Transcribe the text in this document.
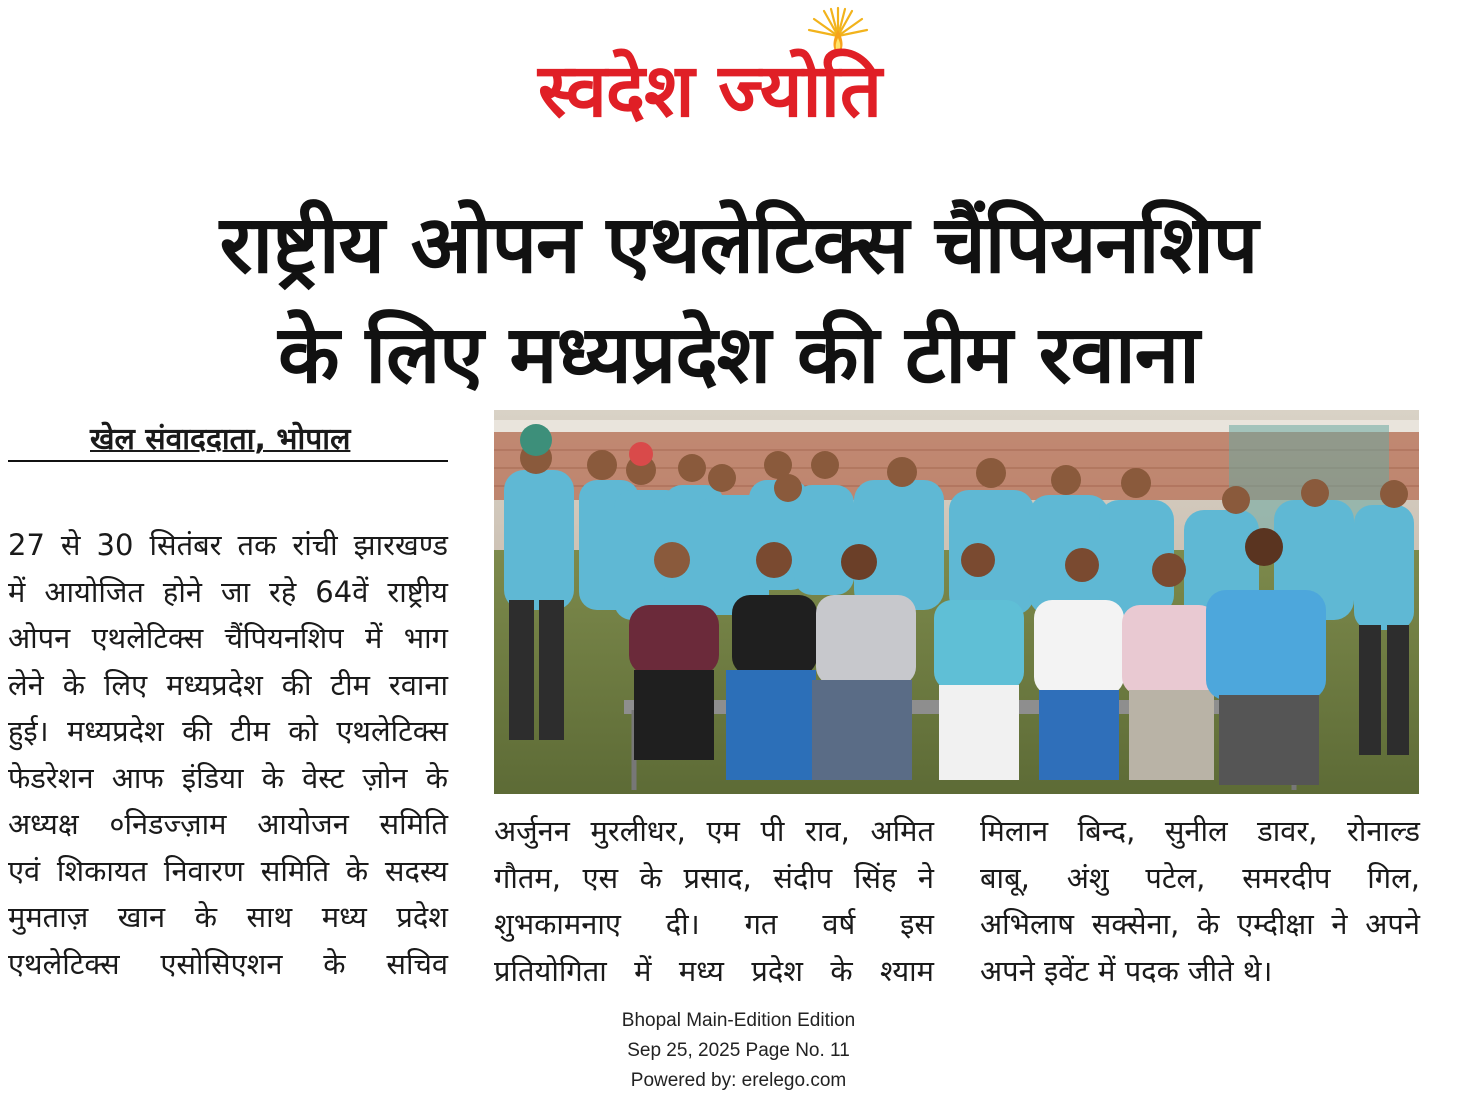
स्वदेश ज्योति
राष्ट्रीय ओपन एथलेटिक्स चैंपियनशिप
के लिए मध्यप्रदेश की टीम रवाना
खेल संवाददाता, भोपाल
27 से 30 सितंबर तक रांची झारखण्ड
में आयोजित होने जा रहे 64वें राष्ट्रीय
ओपन एथलेटिक्स चैंपियनशिप में भाग
लेने के लिए मध्यप्रदेश की टीम रवाना
हुई। मध्यप्रदेश की टीम को एथलेटिक्स
फेडरेशन आफ इंडिया के वेस्ट ज़ोन के
अध्यक्ष ०निडज्ज़ाम आयोजन समिति
एवं शिकायत निवारण समिति के सदस्य
मुमताज़ खान के साथ मध्य प्रदेश
एथलेटिक्स एसोसिएशन के सचिव
अर्जुनन मुरलीधर, एम पी राव, अमित
गौतम, एस के प्रसाद, संदीप सिंह ने
शुभकामनाए दी। गत वर्ष इस
प्रतियोगिता में मध्य प्रदेश के श्याम
मिलान बिन्द, सुनील डावर, रोनाल्ड
बाबू, अंशु पटेल, समरदीप गिल,
अभिलाष सक्सेना, के एम्दीक्षा ने अपने
अपने इवेंट में पदक जीते थे।
Bhopal Main-Edition Edition
Sep 25, 2025 Page No. 11
Powered by: erelego.com
